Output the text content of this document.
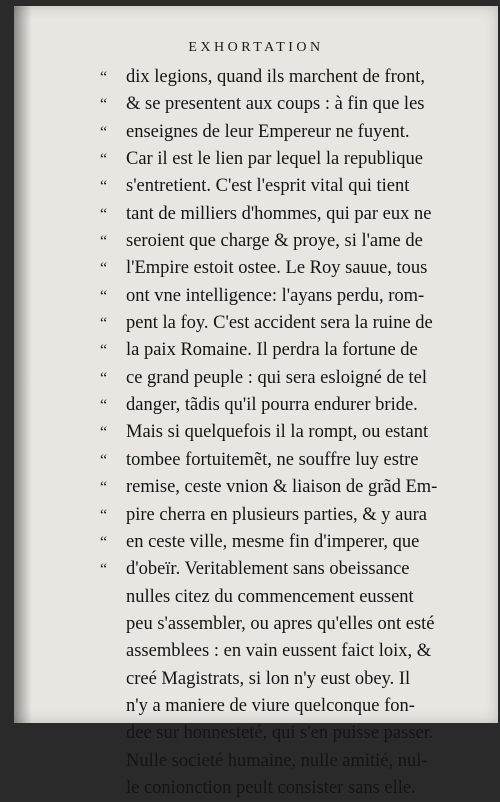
EXHORTATION
“ dix legions, quand ils marchent de front,
“ & se presentent aux coups : à fin que les
“ enseignes de leur Empereur ne fuyent.
“ Car il est le lien par lequel la republique
“ s'entretient. C'est l'esprit vital qui tient
“ tant de milliers d'hommes, qui par eux ne
“ seroient que charge & proye, si l'ame de
“ l'Empire estoit ostee. Le Roy sauue, tous
“ ont vne intelligence: l'ayans perdu, rom-
“ pent la foy. C'est accident sera la ruine de
“ la paix Romaine. Il perdra la fortune de
“ ce grand peuple : qui sera esloigné de tel
“ danger, tãdis qu'il pourra endurer bride.
“ Mais si quelquefois il la rompt, ou estant
“ tombee fortuitemẽt, ne souffre luy estre
“ remise, ceste vnion & liaison de grãd Em-
“ pire cherra en plusieurs parties, & y aura
“ en ceste ville, mesme fin d'imperer, que
“ d'obeïr. Veritablement sans obeissance
nulles citez du commencement eussent
peu s'assembler, ou apres qu'elles ont esté
assemblees : en vain eussent faict loix, &
creé Magistrats, si lon n'y eust obey. Il
n'y a maniere de viure quelconque fon-
dee sur honnesteté, qui s'en puisse passer.
Nulle societé humaine, nulle amitié, nul-
le conionction peult consister sans elle.
